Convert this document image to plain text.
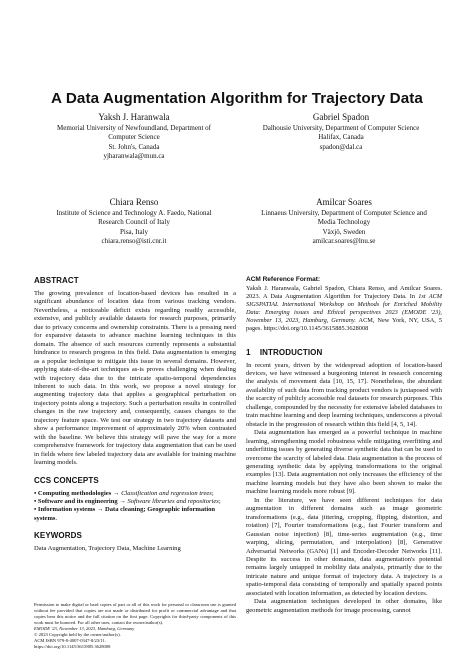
A Data Augmentation Algorithm for Trajectory Data
Yaksh J. Haranwala
Memorial University of Newfoundland, Department of
Computer Science
St. John's, Canada
yjharanwala@mun.ca
Gabriel Spadon
Dalhousie University, Department of Computer Science
Halifax, Canada
spadon@dal.ca
Chiara Renso
Institute of Science and Technology A. Faedo, National
Research Council of Italy
Pisa, Italy
chiara.renso@isti.cnr.it
Amilcar Soares
Linnaeus University, Department of Computer Science and
Media Technology
Växjö, Sweden
amilcar.soares@lnu.se
ABSTRACT

The growing prevalence of location-based devices has resulted in a significant abundance of location data from various tracking vendors. Nevertheless, a noticeable deficit exists regarding readily accessible, extensive, and publicly available datasets for research purposes, primarily due to privacy concerns and ownership constraints. There is a pressing need for expansive datasets to advance machine learning techniques in this domain. The absence of such resources currently represents a substantial hindrance to research progress in this field. Data augmentation is emerging as a popular technique to mitigate this issue in several domains. However, applying state-of-the-art techniques as-is proves challenging when dealing with trajectory data due to the intricate spatio-temporal dependencies inherent to such data. In this work, we propose a novel strategy for augmenting trajectory data that applies a geographical perturbation on trajectory points along a trajectory. Such a perturbation results in controlled changes in the raw trajectory and, consequently, causes changes to the trajectory feature space. We test our strategy in two trajectory datasets and show a performance improvement of approximately 20% when contrasted with the baseline. We believe this strategy will pave the way for a more comprehensive framework for trajectory data augmentation that can be used in fields where few labeled trajectory data are available for training machine learning models.

CCS CONCEPTS

• Computing methodologies → Classification and regression trees;

• Software and its engineering → Software libraries and repositories;

• Information systems → Data cleaning; Geographic information systems.

KEYWORDS

Data Augmentation, Trajectory Data, Machine Learning

Permission to make digital or hard copies of part or all of this work for personal or classroom use is granted without fee provided that copies are not made or distributed for profit or commercial advantage and that copies bear this notice and the full citation on the first page. Copyrights for third-party components of this work must be honored. For all other uses, contact the owner/author(s).
EMODE '23, November 13, 2023, Hamburg, Germany
© 2023 Copyright held by the owner/author(s).
ACM ISBN 979-8-4007-0347-8/23/11.
https://doi.org/10.1145/3615885.3628008
ACM Reference Format:

Yaksh J. Haranwala, Gabriel Spadon, Chiara Renso, and Amilcar Soares. 2023. A Data Augmentation Algorithm for Trajectory Data. In 1st ACM SIGSPATIAL International Workshop on Methods for Enriched Mobility Data: Emerging issues and Ethical perspectives 2023 (EMODE '23), November 13, 2023, Hamburg, Germany. ACM, New York, NY, USA, 5 pages. https://doi.org/10.1145/3615885.3628008

1    INTRODUCTION

In recent years, driven by the widespread adoption of location-based devices, we have witnessed a burgeoning interest in research concerning the analysis of movement data [10, 15, 17]. Nonetheless, the abundant availability of such data from tracking product vendors is juxtaposed with the scarcity of publicly accessible real datasets for research purposes. This challenge, compounded by the necessity for extensive labeled databases to train machine learning and deep learning techniques, underscores a pivotal obstacle in the progression of research within this field [4, 5, 14].

Data augmentation has emerged as a powerful technique in machine learning, strengthening model robustness while mitigating overfitting and underfitting issues by generating diverse synthetic data that can be used to overcome the scarcity of labeled data. Data augmentation is the process of generating synthetic data by applying transformations to the original examples [13]. Data augmentation not only increases the efficiency of the machine learning models but they have also been shown to make the machine learning models more robust [9].

In the literature, we have seen different techniques for data augmentation in different domains such as image geometric transformations (e.g., data jittering, cropping, flipping, distortion, and rotation) [7], Fourier transformations (e.g., fast Fourier transform and Gaussian noise injection) [8], time-series augmentation (e.g., time warping, slicing, permutation, and interpolation) [8], Generative Adversarial Networks (GANs) [1] and Encoder-Decoder Networks [11]. Despite its success in other domains, data augmentation's potential remains largely untapped in mobility data analysis, primarily due to the intricate nature and unique format of trajectory data. A trajectory is a spatio-temporal data consisting of temporally and spatially spaced points associated with location information, as detected by location devices.

Data augmentation techniques developed in other domains, like geometric augmentation methods for image processing, cannot
